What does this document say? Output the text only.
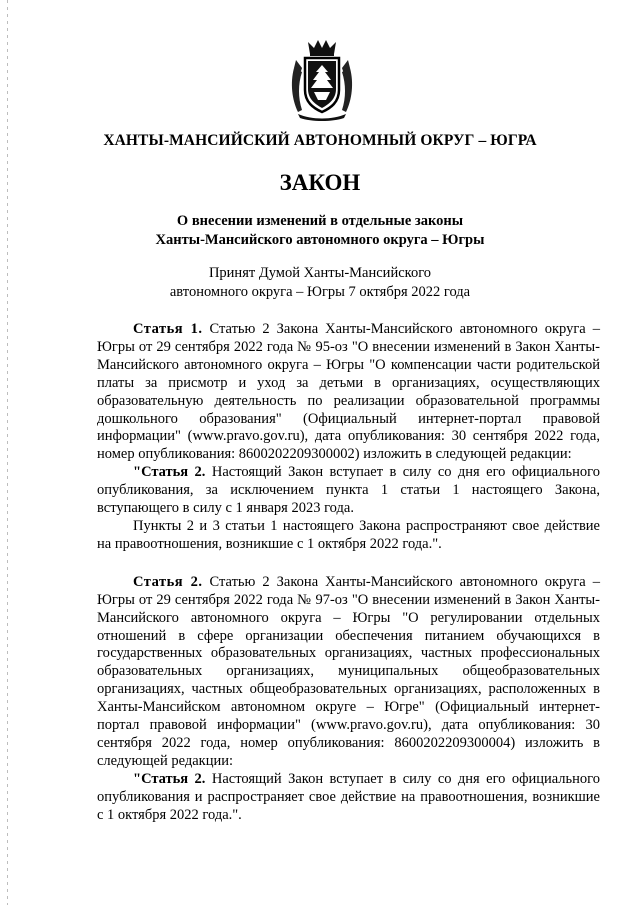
ХАНТЫ-МАНСИЙСКИЙ АВТОНОМНЫЙ ОКРУГ – ЮГРА
ЗАКОН
О внесении изменений в отдельные законы
Ханты-Мансийского автономного округа – Югры
Принят Думой Ханты-Мансийского
автономного округа – Югры 7 октября 2022 года

Статья 1. Статью 2 Закона Ханты-Мансийского автономного округа – Югры от 29 сентября 2022 года № 95-оз "О внесении изменений в Закон Ханты-Мансийского автономного округа – Югры "О компенсации части родительской платы за присмотр и уход за детьми в организациях, осуществляющих образовательную деятельность по реализации образовательной программы дошкольного образования" (Официальный интернет-портал правовой информации" (www.pravo.gov.ru), дата опубликования: 30 сентября 2022 года, номер опубликования: 8600202209300002) изложить в следующей редакции:

"Статья 2. Настоящий Закон вступает в силу со дня его официального опубликования, за исключением пункта 1 статьи 1 настоящего Закона, вступающего в силу с 1 января 2023 года.

Пункты 2 и 3 статьи 1 настоящего Закона распространяют свое действие на правоотношения, возникшие с 1 октября 2022 года.".

Статья 2. Статью 2 Закона Ханты-Мансийского автономного округа – Югры от 29 сентября 2022 года № 97-оз "О внесении изменений в Закон Ханты-Мансийского автономного округа – Югры "О регулировании отдельных отношений в сфере организации обеспечения питанием обучающихся в государственных образовательных организациях, частных профессиональных образовательных организациях, муниципальных общеобразовательных организациях, частных общеобразовательных организациях, расположенных в Ханты-Мансийском автономном округе – Югре" (Официальный интернет-портал правовой информации" (www.pravo.gov.ru), дата опубликования: 30 сентября 2022 года, номер опубликования: 8600202209300004) изложить в следующей редакции:

"Статья 2. Настоящий Закон вступает в силу со дня его официального опубликования и распространяет свое действие на правоотношения, возникшие с 1 октября 2022 года.".
